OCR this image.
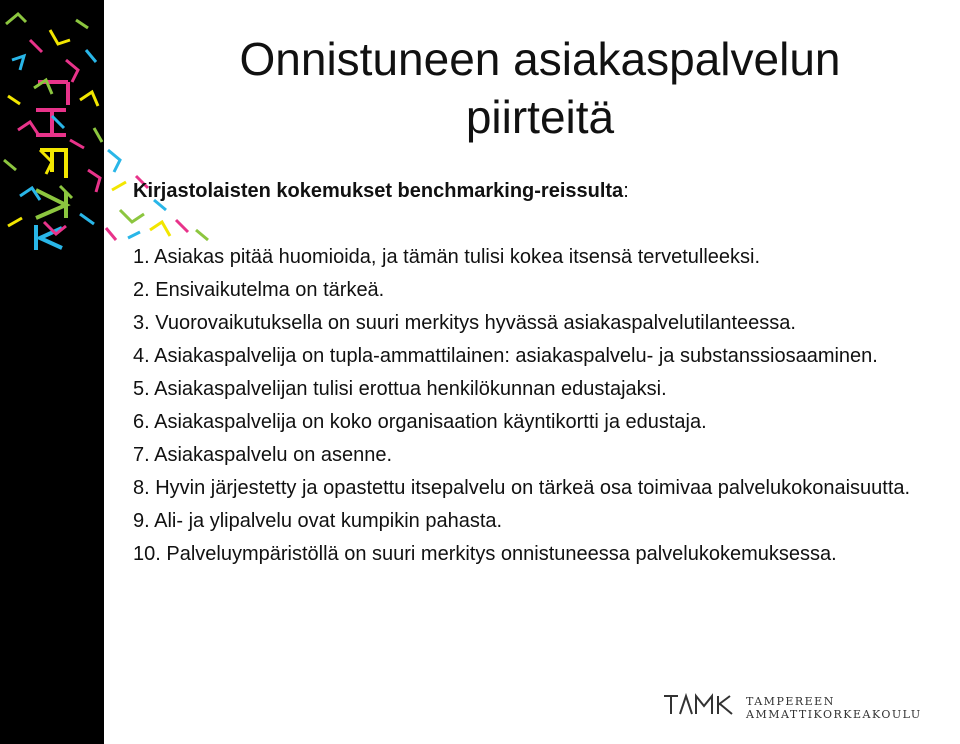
Onnistuneen asiakaspalvelun
piirteitä
Kirjastolaisten kokemukset benchmarking-reissulta:
1. Asiakas pitää huomioida, ja tämän tulisi kokea itsensä tervetulleeksi.
2. Ensivaikutelma on tärkeä.
3. Vuorovaikutuksella on suuri merkitys hyvässä asiakaspalvelutilanteessa.
4. Asiakaspalvelija on tupla-ammattilainen: asiakaspalvelu- ja substanssiosaaminen.
5. Asiakaspalvelijan tulisi erottua henkilökunnan edustajaksi.
6. Asiakaspalvelija on koko organisaation käyntikortti ja edustaja.
7. Asiakaspalvelu on asenne.
8. Hyvin järjestetty ja opastettu itsepalvelu on tärkeä osa toimivaa palvelukokonaisuutta.
9. Ali- ja ylipalvelu ovat kumpikin pahasta.
10. Palveluympäristöllä on suuri merkitys onnistuneessa palvelukokemuksessa.
TAMPEREEN
AMMATTIKORKEAKOULU
